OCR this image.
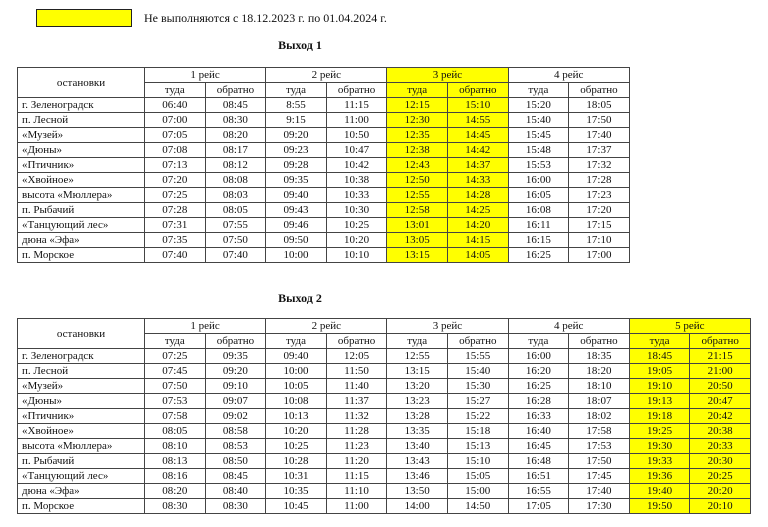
Не выполняются с 18.12.2023 г. по 01.04.2024 г.
Выход 1
остановки	1 рейс		2 рейс		3 рейс		4 рейс	
	туда	обратно	туда	обратно	туда	обратно	туда	обратно
г. Зеленоградск	06:40	08:45	8:55	11:15	12:15	15:10	15:20	18:05
п. Лесной	07:00	08:30	9:15	11:00	12:30	14:55	15:40	17:50
«Музей»	07:05	08:20	09:20	10:50	12:35	14:45	15:45	17:40
«Дюны»	07:08	08:17	09:23	10:47	12:38	14:42	15:48	17:37
«Птичник»	07:13	08:12	09:28	10:42	12:43	14:37	15:53	17:32
«Хвойное»	07:20	08:08	09:35	10:38	12:50	14:33	16:00	17:28
высота «Мюллера»	07:25	08:03	09:40	10:33	12:55	14:28	16:05	17:23
п. Рыбачий	07:28	08:05	09:43	10:30	12:58	14:25	16:08	17:20
«Танцующий лес»	07:31	07:55	09:46	10:25	13:01	14:20	16:11	17:15
дюна «Эфа»	07:35	07:50	09:50	10:20	13:05	14:15	16:15	17:10
п. Морское	07:40	07:40	10:00	10:10	13:15	14:05	16:25	17:00
Выход 2
остановки	1 рейс		2 рейс		3 рейс		4 рейс		5 рейс	
	туда	обратно	туда	обратно	туда	обратно	туда	обратно	туда	обратно
г. Зеленоградск	07:25	09:35	09:40	12:05	12:55	15:55	16:00	18:35	18:45	21:15
п. Лесной	07:45	09:20	10:00	11:50	13:15	15:40	16:20	18:20	19:05	21:00
«Музей»	07:50	09:10	10:05	11:40	13:20	15:30	16:25	18:10	19:10	20:50
«Дюны»	07:53	09:07	10:08	11:37	13:23	15:27	16:28	18:07	19:13	20:47
«Птичник»	07:58	09:02	10:13	11:32	13:28	15:22	16:33	18:02	19:18	20:42
«Хвойное»	08:05	08:58	10:20	11:28	13:35	15:18	16:40	17:58	19:25	20:38
высота «Мюллера»	08:10	08:53	10:25	11:23	13:40	15:13	16:45	17:53	19:30	20:33
п. Рыбачий	08:13	08:50	10:28	11:20	13:43	15:10	16:48	17:50	19:33	20:30
«Танцующий лес»	08:16	08:45	10:31	11:15	13:46	15:05	16:51	17:45	19:36	20:25
дюна «Эфа»	08:20	08:40	10:35	11:10	13:50	15:00	16:55	17:40	19:40	20:20
п. Морское	08:30	08:30	10:45	11:00	14:00	14:50	17:05	17:30	19:50	20:10
